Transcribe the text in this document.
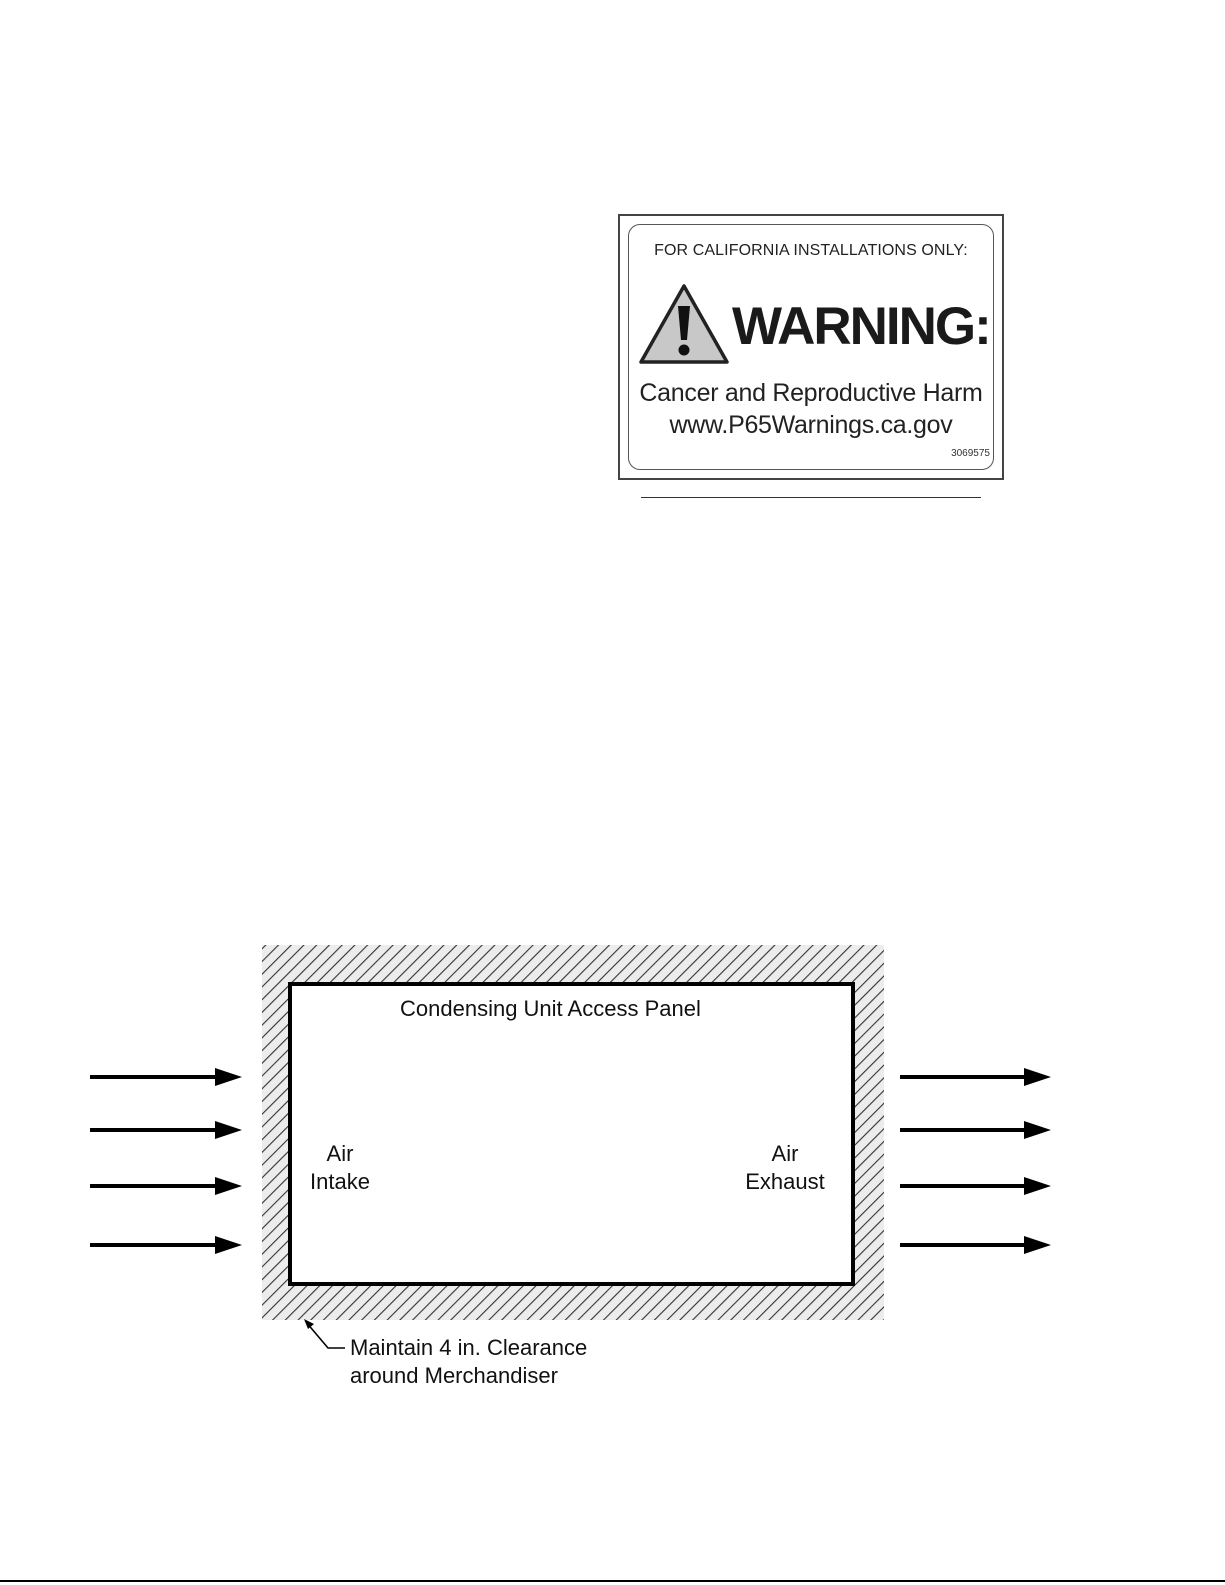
FOR CALIFORNIA INSTALLATIONS ONLY:
WARNING:
Cancer and Reproductive Harm
www.P65Warnings.ca.gov
3069575
Condensing Unit Access Panel
Air
Intake
Air
Exhaust
Maintain 4 in. Clearance
around Merchandiser
